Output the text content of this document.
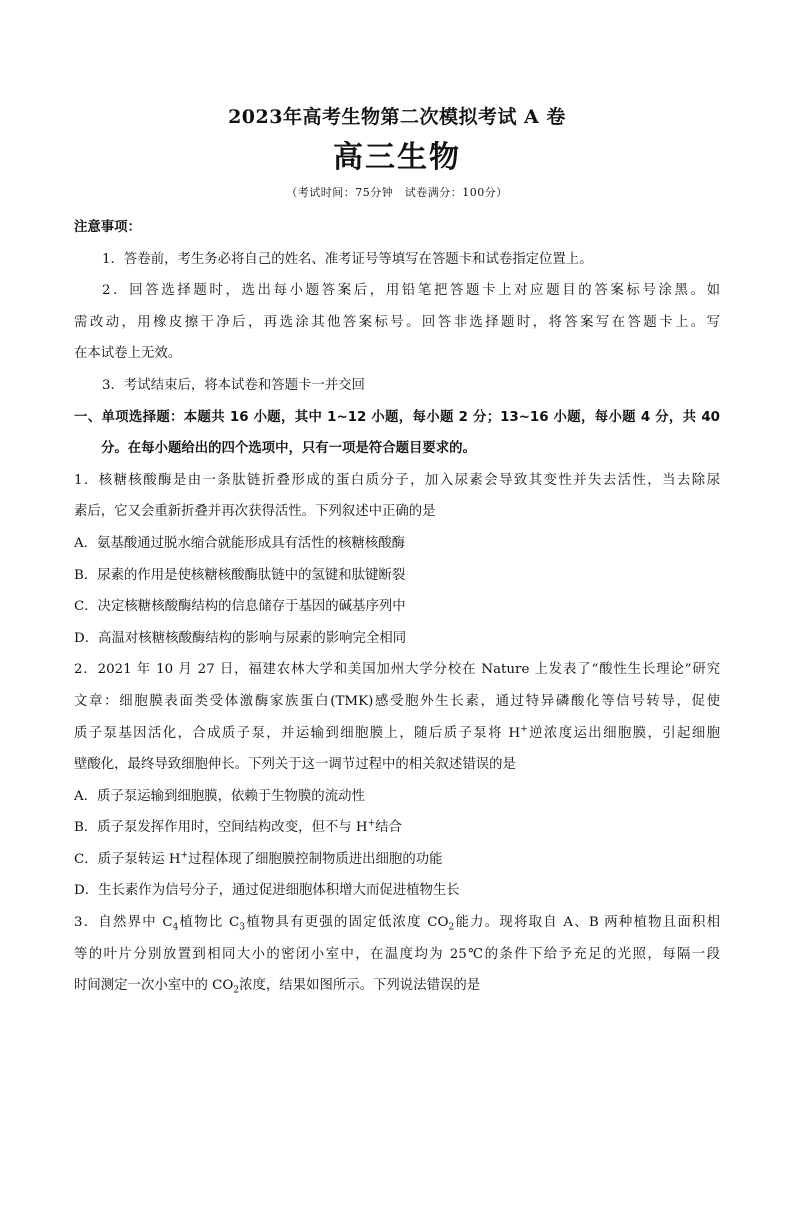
2023年高考生物第二次模拟考试 A 卷
高三生物
（考试时间：75分钟　试卷满分：100分）
注意事项：
1．答卷前，考生务必将自己的姓名、准考证号等填写在答题卡和试卷指定位置上。
2．回答选择题时，选出每小题答案后，用铅笔把答题卡上对应题目的答案标号涂黑。如
需改动，用橡皮擦干净后，再选涂其他答案标号。回答非选择题时，将答案写在答题卡上。写
在本试卷上无效。
3．考试结束后，将本试卷和答题卡一并交回
一、单项选择题：本题共 16 小题，其中 1~12 小题，每小题 2 分；13~16 小题，每小题 4 分，共 40
分。在每小题给出的四个选项中，只有一项是符合题目要求的。
1．核糖核酸酶是由一条肽链折叠形成的蛋白质分子，加入尿素会导致其变性并失去活性，当去除尿
素后，它又会重新折叠并再次获得活性。下列叙述中正确的是
A．氨基酸通过脱水缩合就能形成具有活性的核糖核酸酶
B．尿素的作用是使核糖核酸酶肽链中的氢键和肽键断裂
C．决定核糖核酸酶结构的信息储存于基因的碱基序列中
D．高温对核糖核酸酶结构的影响与尿素的影响完全相同
2．2021 年 10 月 27 日，福建农林大学和美国加州大学分校在 Nature 上发表了“酸性生长理论”研究
文章：细胞膜表面类受体激酶家族蛋白(TMK)感受胞外生长素，通过特异磷酸化等信号转导，促使
质子泵基因活化，合成质子泵，并运输到细胞膜上，随后质子泵将 H+逆浓度运出细胞膜，引起细胞
壁酸化，最终导致细胞伸长。下列关于这一调节过程中的相关叙述错误的是
A．质子泵运输到细胞膜，依赖于生物膜的流动性
B．质子泵发挥作用时，空间结构改变，但不与 H+结合
C．质子泵转运 H+过程体现了细胞膜控制物质进出细胞的功能
D．生长素作为信号分子，通过促进细胞体积增大而促进植物生长
3．自然界中 $C_4$植物比 $C_3$植物具有更强的固定低浓度 $CO_2$能力。现将取自 A、B 两种植物且面积相
等的叶片分别放置到相同大小的密闭小室中，在温度均为 25℃的条件下给予充足的光照，每隔一段
时间测定一次小室中的 $CO_2$浓度，结果如图所示。下列说法错误的是
